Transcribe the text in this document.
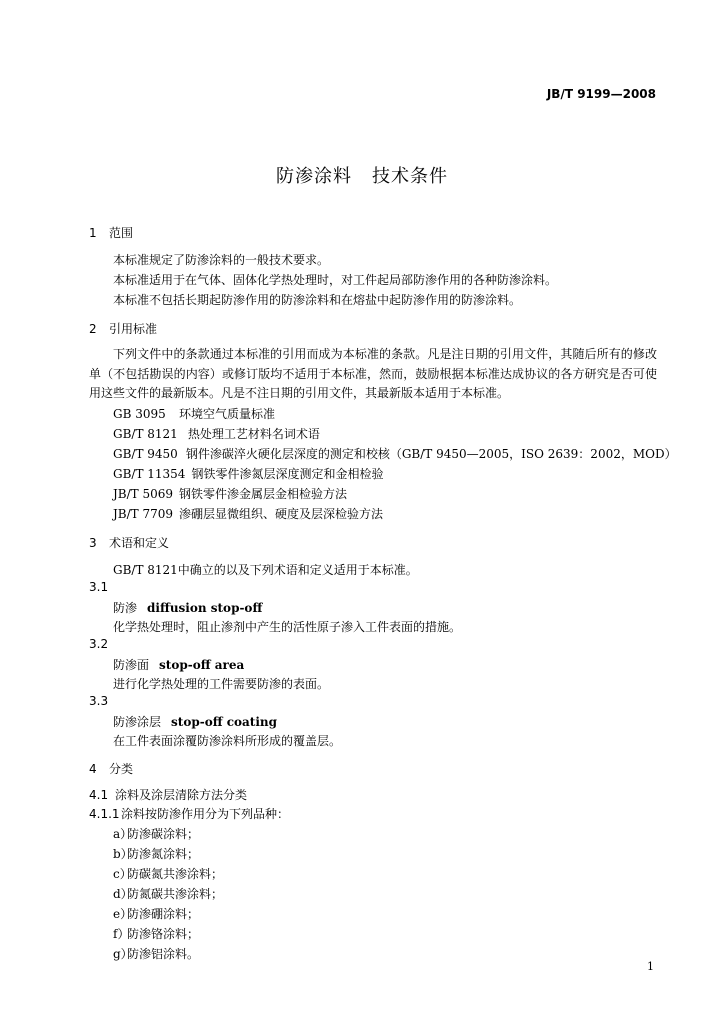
JB/T 9199—2008
防渗涂料 技术条件
1 范围
本标准规定了防渗涂料的一般技术要求。
本标准适用于在气体、固体化学热处理时，对工件起局部防渗作用的各种防渗涂料。
本标准不包括长期起防渗作用的防渗涂料和在熔盐中起防渗作用的防渗涂料。
2 引用标准
下列文件中的条款通过本标准的引用而成为本标准的条款。凡是注日期的引用文件，其随后所有的修改单（不包括勘误的内容）或修订版均不适用于本标准，然而，鼓励根据本标准达成协议的各方研究是否可使用这些文件的最新版本。凡是不注日期的引用文件，其最新版本适用于本标准。
GB 3095 环境空气质量标准
GB/T 8121 热处理工艺材料名词术语
GB/T 9450 钢件渗碳淬火硬化层深度的测定和校核（GB/T 9450—2005，ISO 2639：2002，MOD）
GB/T 11354 钢铁零件渗氮层深度测定和金相检验
JB/T 5069 钢铁零件渗金属层金相检验方法
JB/T 7709 渗硼层显微组织、硬度及层深检验方法
3 术语和定义
GB/T 8121中确立的以及下列术语和定义适用于本标准。
3.1
防渗 diffusion stop-off
化学热处理时，阻止渗剂中产生的活性原子渗入工件表面的措施。
3.2
防渗面 stop-off area
进行化学热处理的工件需要防渗的表面。
3.3
防渗涂层 stop-off coating
在工件表面涂覆防渗涂料所形成的覆盖层。
4 分类
4.1 涂料及涂层清除方法分类
4.1.1涂料按防渗作用分为下列品种：
a）防渗碳涂料；
b）防渗氮涂料；
c）防碳氮共渗涂料；
d）防氮碳共渗涂料；
e）防渗硼涂料；
f）防渗铬涂料；
g）防渗铝涂料。
1
